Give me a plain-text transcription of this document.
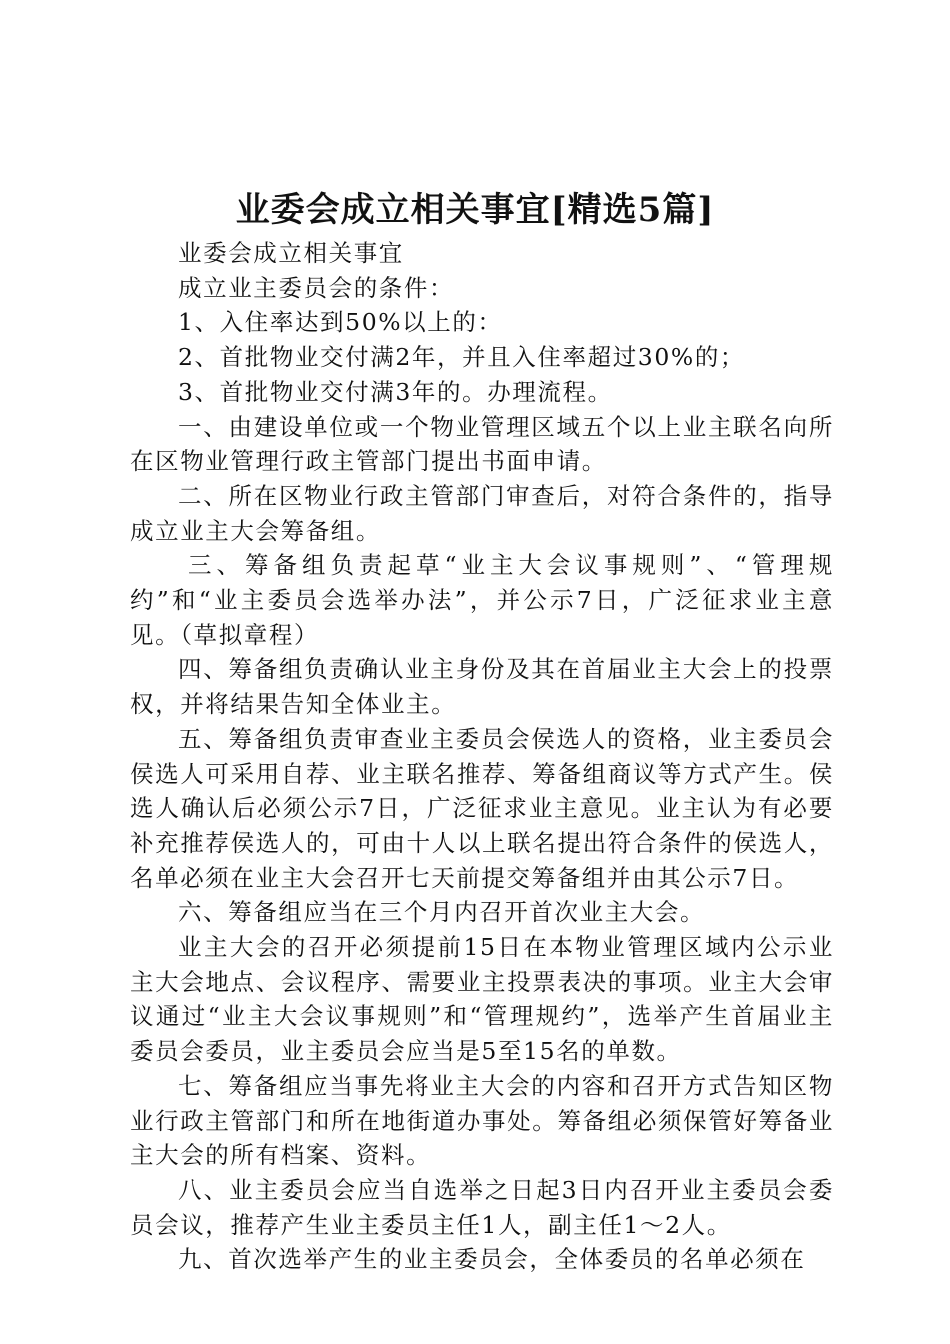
业委会成立相关事宜[精选5篇]

业委会成立相关事宜

成立业主委员会的条件：

1、入住率达到50%以上的：

2、首批物业交付满2年，并且入住率超过30%的；

3、首批物业交付满3年的。办理流程。

一、由建设单位或一个物业管理区域五个以上业主联名向所在区物业管理行政主管部门提出书面申请。

二、所在区物业行政主管部门审查后，对符合条件的，指导成立业主大会筹备组。

三、筹备组负责起草“业主大会议事规则”、“管理规约”和“业主委员会选举办法”，并公示7日，广泛征求业主意见。（草拟章程）

四、筹备组负责确认业主身份及其在首届业主大会上的投票权，并将结果告知全体业主。

五、筹备组负责审查业主委员会侯选人的资格，业主委员会侯选人可采用自荐、业主联名推荐、筹备组商议等方式产生。侯选人确认后必须公示7日，广泛征求业主意见。业主认为有必要补充推荐侯选人的，可由十人以上联名提出符合条件的侯选人，名单必须在业主大会召开七天前提交筹备组并由其公示7日。

六、筹备组应当在三个月内召开首次业主大会。

业主大会的召开必须提前15日在本物业管理区域内公示业主大会地点、会议程序、需要业主投票表决的事项。业主大会审议通过“业主大会议事规则”和“管理规约”，选举产生首届业主委员会委员，业主委员会应当是5至15名的单数。

七、筹备组应当事先将业主大会的内容和召开方式告知区物业行政主管部门和所在地街道办事处。筹备组必须保管好筹备业主大会的所有档案、资料。

八、业主委员会应当自选举之日起3日内召开业主委员会委员会议，推荐产生业主委员主任1人，副主任1～2人。

九、首次选举产生的业主委员会，全体委员的名单必须在
